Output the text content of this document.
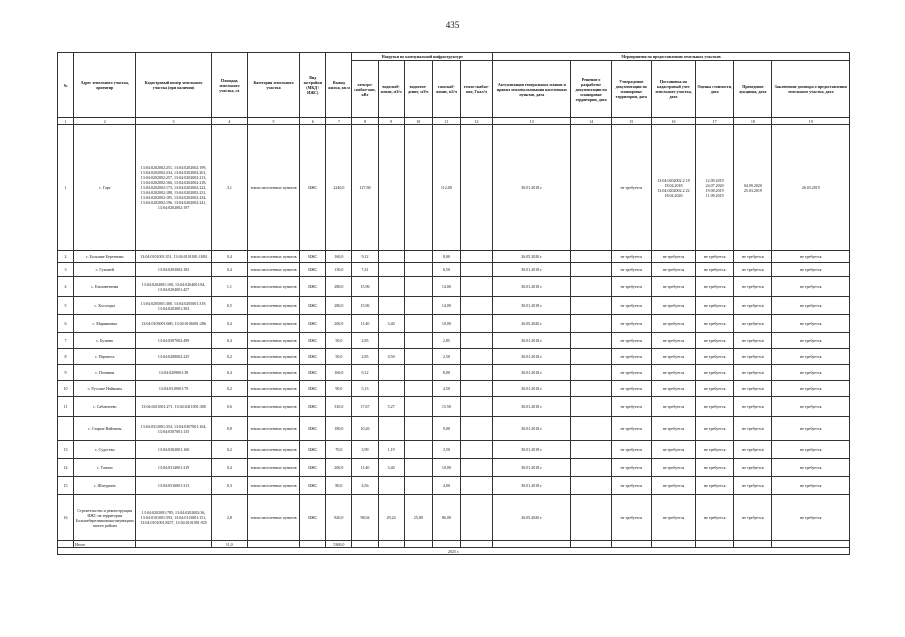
435
№	Адрес земельного участка, ориентир	Кадастровый номер земельного участка (при наличии)	Площадь земельного участка, га	Категория земельного участка	Вид застройки (МКД / ИЖС)	Вывод жилья, кв.м	Нагрузки по коммунальной инфраструктуре					Мероприятия по предоставлению земельных участков						
							электро-снабже-ние, кВт	водоснаб-жение, м3/ч	водоотве-дение, м3/ч	газоснаб-жение, м3/ч	тепло-снабже-ние, Гкал/ч	Актуализация генеральных планов и правил землепользования населенных пунктов, дата	Решение о разработке документации по планировке территории, дата	Утверждение документации по планировке территории, дата	Постановка на кадастровый учет земельного участка, дата	Оценка стоимости, дата	Проведение аукциона, дата	Заключение договора о предоставлении земельного участка, дата
1	2	3	4	5	6	7	8	9	10	11	12	13	14	15	16	17	18	19
1	с. Гарт	13:04:0202002:251, 13:04:0202002:199, 13:04:0202002:234, 13:04:0202002:201, 13:04:0202002:257, 13:04:0202002:213, 13:04:0202002:166, 13:04:0202002:218, 13:04:0202002:173, 13:04:0202002:222, 13:04:0202002:188, 13:04:0202002:231, 13:04:0202002:185, 13:04:0202002:234, 13:04:0202002:196, 13:04:0202002:241, 13:04:0202002:197	3,1	земли населенных пунктов	ИЖС	2240,0	127,68			112,00		30.01.2018 г.		не требуется	13:04:0202002:2 18 18.04.2018 13:04:0202002:2 22 18.04.2020	12.09.2019 24.07.2020 19.08.2019 11.09.2019	04.09.2020 25.03.2019	26.03.2019
2	с. Большие Березники	13:04:0101001:351, 13:04:0101001:1084	0,4	земли населенных пунктов	ИЖС	160,0	9,12			8,00		26.05.2020 г.		не требуется	не требуется	не требуется	не требуется	не требуется
3	с. Гузыней	13:04:0203002:183	0,4	земли населенных пунктов	ИЖС	130,0	7,41			6,50		30.01.2018 г.		не требуется	не требуется	не требуется	не требуется	не требуется
4	с. Елизаветинка	13:04:0204001:100, 13:04:0204001:84, 13:04:0204001:457	1,1	земли населенных пунктов	ИЖС	280,0	15,96			14,00		30.01.2018 г.		не требуется	не требуется	не требуется	не требуется	не требуется
5	с. Косогоры	13:04:0205001:300, 13:04:0205001:319, 13:04:0203001:303	0,5	земли населенных пунктов	ИЖС	280,0	15,96			14,00		30.01.2018 г.		не требуется	не требуется	не требуется	не требуется	не требуется
6	с. Марьяновка	13:04:0103001:680, 13:04:0106001:286	0,4	земли населенных пунктов	ИЖС	200,0	11,40	3,40		10,00		26.05.2020 г.		не требуется	не требуется	не требуется	не требуется	не требуется
7	с. Бузаево	13:04:0307002:499	0,4	земли населенных пунктов	ИЖС	50,0	2,85			2,85		30.01.2018 г.		не требуется	не требуется	не требуется	не требуется	не требуется
8	с. Перевесь	13:04:0208002:225	0,2	земли населенных пунктов	ИЖС	50,0	2,85	0,50		2,50		30.01.2018 г.		не требуется	не требуется	не требуется	не требуется	не требуется
9	с. Починки	13:04:0209001:38	0,4	земли населенных пунктов	ИЖС	160,0	9,12			8,00		30.01.2018 г.		не требуется	не требуется	не требуется	не требуется	не требуется
10	с. Русские Найманы	13:04:0310001:79	0,2	земли населенных пунктов	ИЖС	90,0	5,13			4,50		30.01.2018 г.		не требуется	не требуется	не требуется	не требуется	не требуется
11	с. Сабанчеево	13:04:0411001:271, 13:04:0411001:300	0,6	земли населенных пунктов	ИЖС	310,0	17,67	5,27		15,50		30.01.2018 г.		не требуется	не требуется	не требуется	не требуется	не требуется
	с. Старые Найманы	13:04:0312001:354, 13:04:0307001:164, 13:04:0307001:135	0,8	земли населенных пунктов	ИЖС	180,0	10,26			9,00		30.01.2018 г.		не требуется	не требуется	не требуется	не требуется	не требуется
13	с. Судосево	13:04:0302001:160	0,2	земли населенных пунктов	ИЖС	70,0	3,99	1,19		3,50		30.01.2018 г.		не требуется	не требуется	не требуется	не требуется	не требуется
14	с. Тазино	13:04:0314001:319	0,4	земли населенных пунктов	ИЖС	200,0	11,40	3,40		10,00		30.01.2018 г.		не требуется	не требуется	не требуется	не требуется	не требуется
15	с. Шигурино	13:04:0316001:313	0,3	земли населенных пунктов	ИЖС	80,0	4,56			4,00		30.01.2018 г.		не требуется	не требуется	не требуется	не требуется	не требуется
16	Строительство и реконструкция ИЖС на территории Большеберезниковскогомуниципального района	13:04:0202001:785, 13:04:0202002:36, 13:04:0101001:593, 13:04:0113001:151, 13:04:0101001:8257, 13:04:0101001:925	2,8	земли населенных пунктов	ИЖС	820,0	98,04	29,24	25,80	86,00		26.05.2020 г.		не требуется	не требуется	не требуется	не требуется	не требуется
	Итого		11,0			5300,0												
2025 г.																		
